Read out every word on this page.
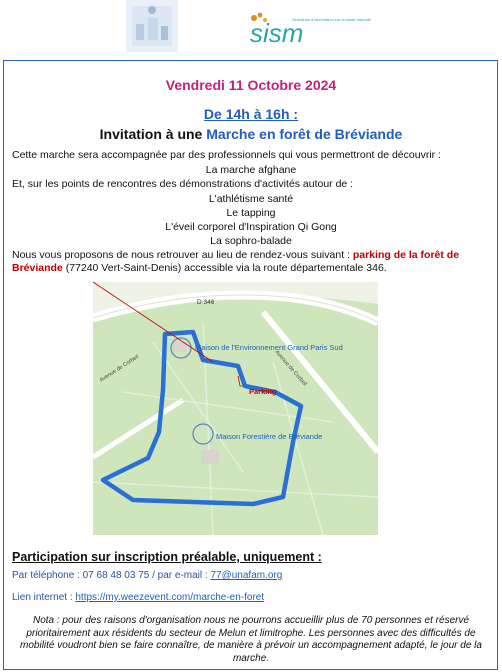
sism
Semaines d'information sur la santé mentale
Vendredi 11 Octobre 2024
De 14h à 16h :
Invitation à une Marche en forêt de Bréviande
Cette marche sera accompagnée par des professionnels qui vous permettront de découvrir :
La marche afghane
Et, sur les points de rencontres des démonstrations d'activités autour de :
L'athlétisme santé
Le tapping
L'éveil corporel d'Inspiration Qi Gong
La sophro-balade
Nous vous proposons de nous retrouver au lieu de rendez-vous suivant : parking de la forêt de Bréviande (77240 Vert-Saint-Denis) accessible via la route départementale 346.
D 346
Avenue de Corbeil
Avenue de Corbeil
Maison de l'Environnement Grand Paris Sud
Parking
Maison Forestière de Bréviande
Participation sur inscription préalable, uniquement :
Par téléphone : 07 68 48 03 75 / par e-mail : 77@unafam.org
Lien internet : https://my.weezevent.com/marche-en-foret
Nota : pour des raisons d'organisation nous ne pourrons accueillir plus de 70 personnes et réservé prioritairement aux résidents du secteur de Melun et limitrophe. Les personnes avec des difficultés de mobilité voudront bien se faire connaître, de manière à prévoir un accompagnement adapté, le jour de la marche.
